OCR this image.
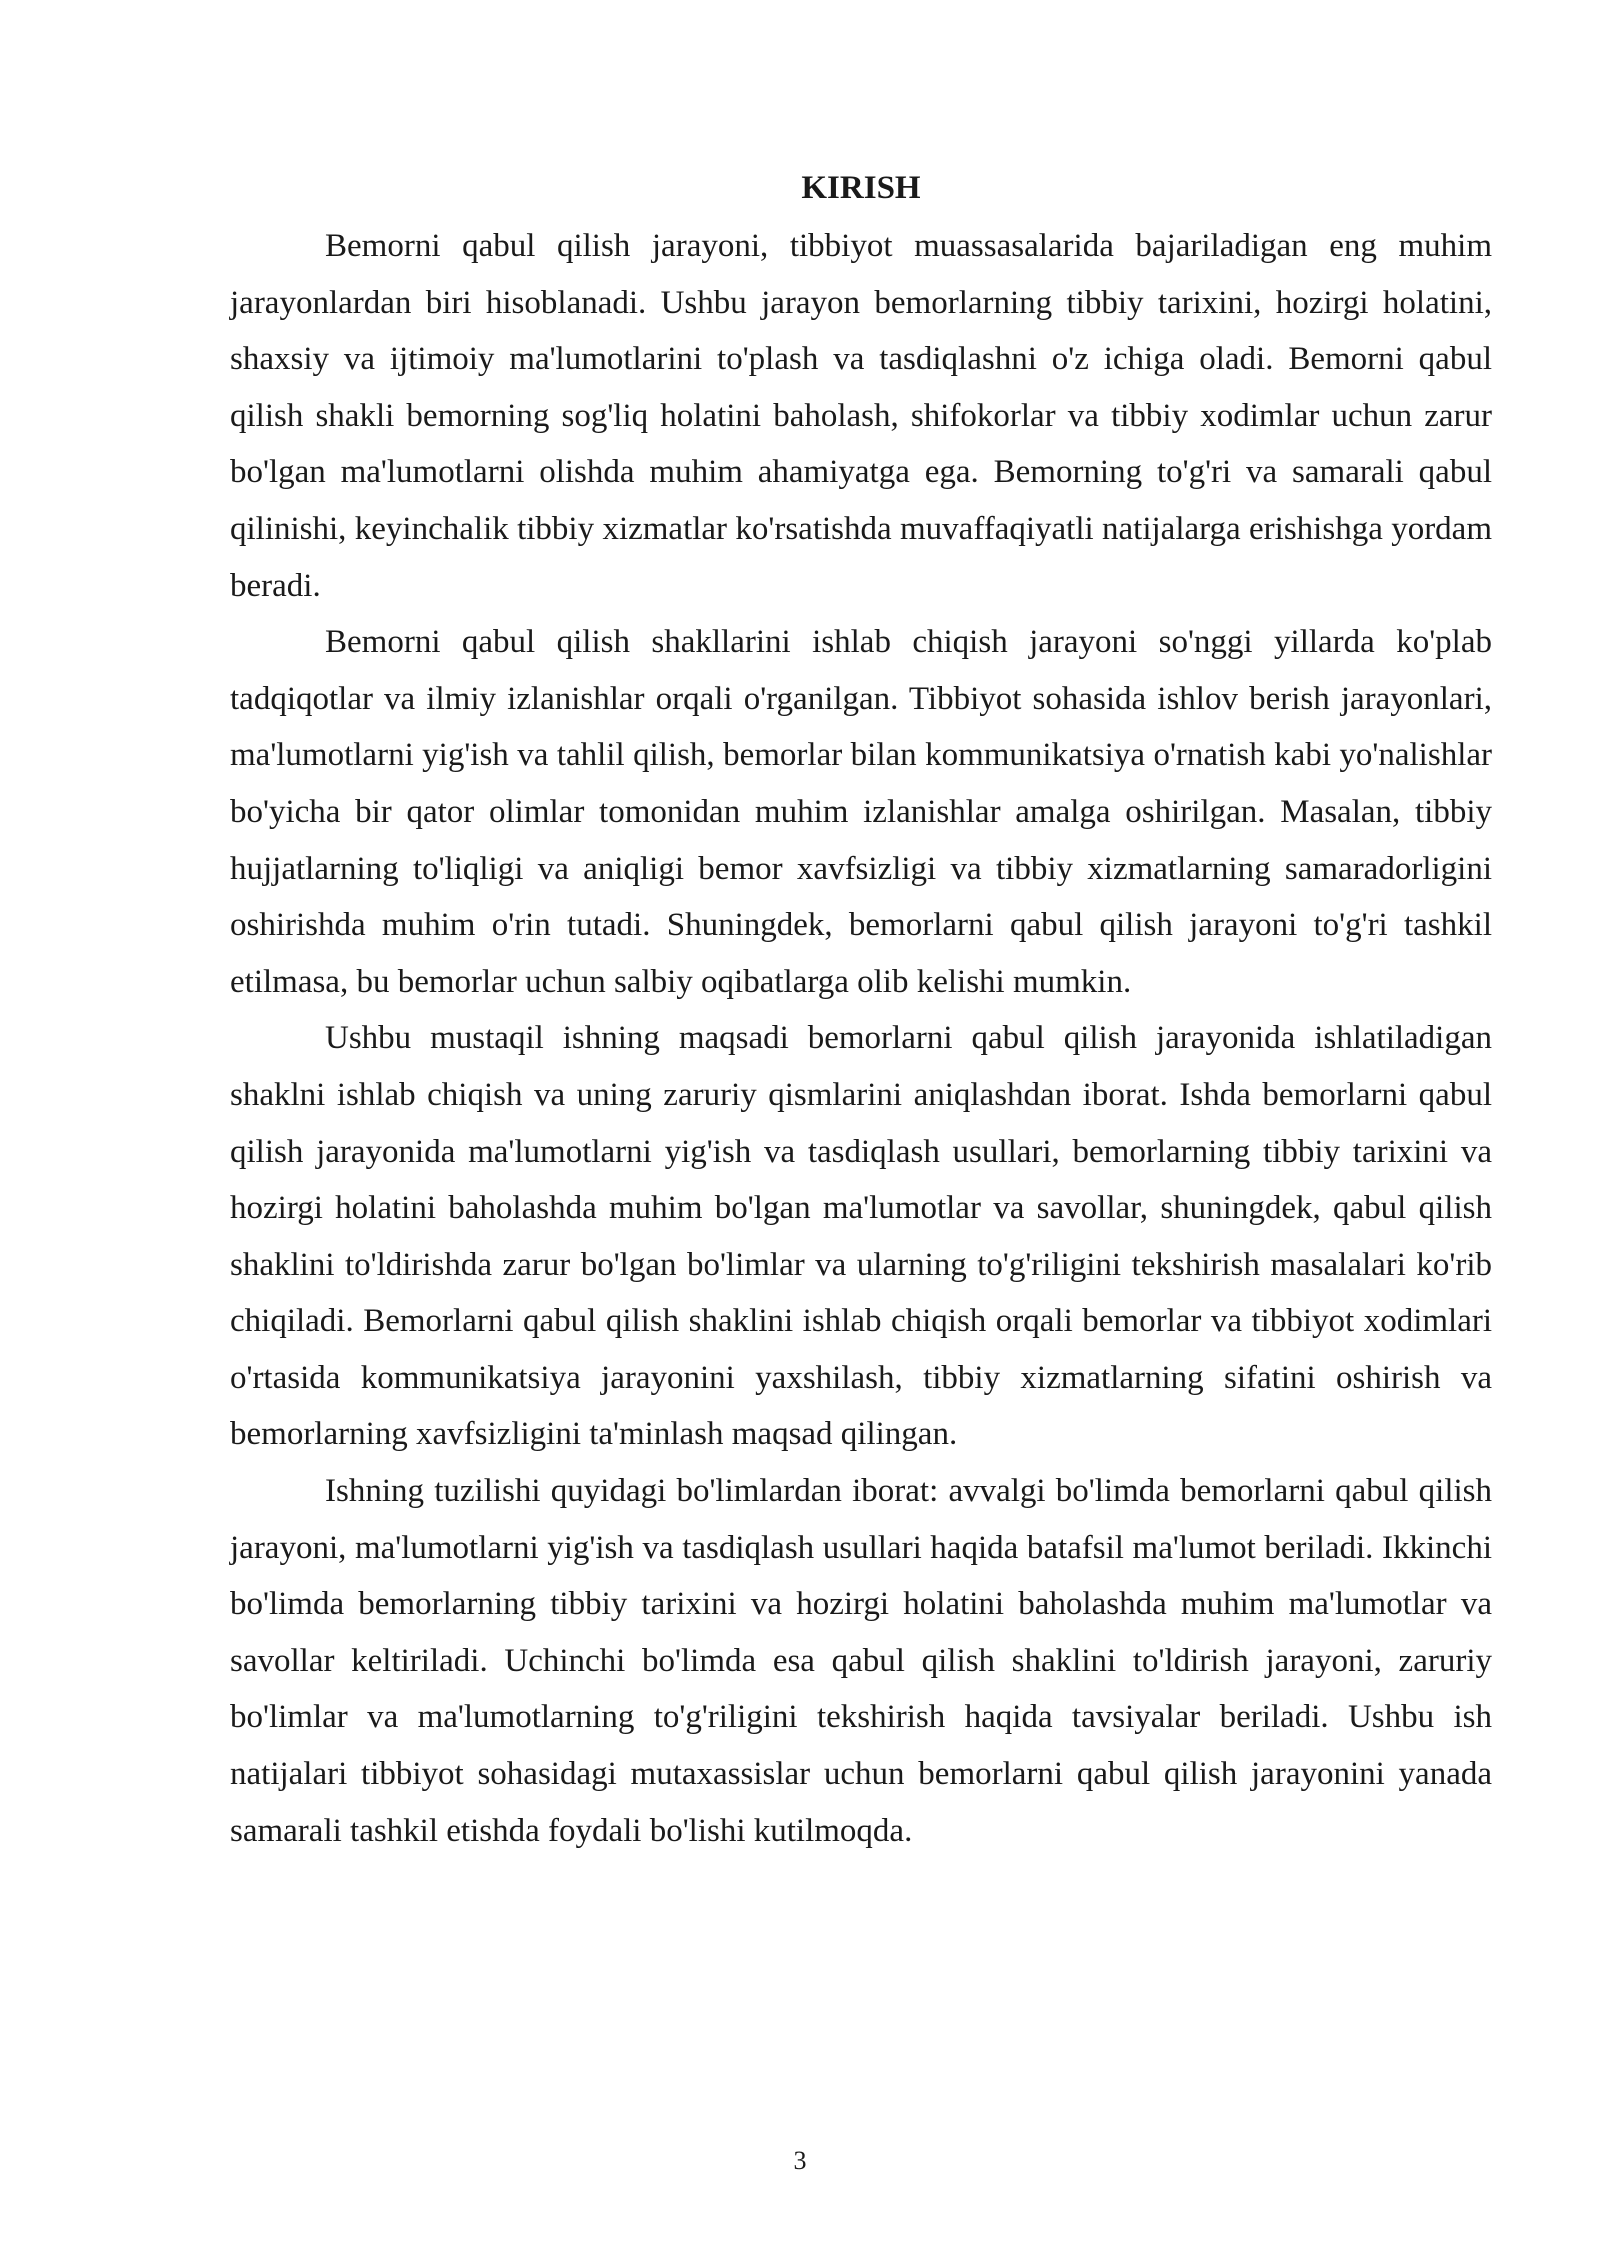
KIRISH

Bemorni qabul qilish jarayoni, tibbiyot muassasalarida bajariladigan eng muhim jarayonlardan biri hisoblanadi. Ushbu jarayon bemorlarning tibbiy tarixini, hozirgi holatini, shaxsiy va ijtimoiy ma'lumotlarini to'plash va tasdiqlashni o'z ichiga oladi. Bemorni qabul qilish shakli bemorning sog'liq holatini baholash, shifokorlar va tibbiy xodimlar uchun zarur bo'lgan ma'lumotlarni olishda muhim ahamiyatga ega. Bemorning to'g'ri va samarali qabul qilinishi, keyinchalik tibbiy xizmatlar ko'rsatishda muvaffaqiyatli natijalarga erishishga yordam beradi.

Bemorni qabul qilish shakllarini ishlab chiqish jarayoni so'nggi yillarda ko'plab tadqiqotlar va ilmiy izlanishlar orqali o'rganilgan. Tibbiyot sohasida ishlov berish jarayonlari, ma'lumotlarni yig'ish va tahlil qilish, bemorlar bilan kommunikatsiya o'rnatish kabi yo'nalishlar bo'yicha bir qator olimlar tomonidan muhim izlanishlar amalga oshirilgan. Masalan, tibbiy hujjatlarning to'liqligi va aniqligi bemor xavfsizligi va tibbiy xizmatlarning samaradorligini oshirishda muhim o'rin tutadi. Shuningdek, bemorlarni qabul qilish jarayoni to'g'ri tashkil etilmasa, bu bemorlar uchun salbiy oqibatlarga olib kelishi mumkin.

Ushbu mustaqil ishning maqsadi bemorlarni qabul qilish jarayonida ishlatiladigan shaklni ishlab chiqish va uning zaruriy qismlarini aniqlashdan iborat. Ishda bemorlarni qabul qilish jarayonida ma'lumotlarni yig'ish va tasdiqlash usullari, bemorlarning tibbiy tarixini va hozirgi holatini baholashda muhim bo'lgan ma'lumotlar va savollar, shuningdek, qabul qilish shaklini to'ldirishda zarur bo'lgan bo'limlar va ularning to'g'riligini tekshirish masalalari ko'rib chiqiladi. Bemorlarni qabul qilish shaklini ishlab chiqish orqali bemorlar va tibbiyot xodimlari o'rtasida kommunikatsiya jarayonini yaxshilash, tibbiy xizmatlarning sifatini oshirish va bemorlarning xavfsizligini ta'minlash maqsad qilingan.

Ishning tuzilishi quyidagi bo'limlardan iborat: avvalgi bo'limda bemorlarni qabul qilish jarayoni, ma'lumotlarni yig'ish va tasdiqlash usullari haqida batafsil ma'lumot beriladi. Ikkinchi bo'limda bemorlarning tibbiy tarixini va hozirgi holatini baholashda muhim ma'lumotlar va savollar keltiriladi. Uchinchi bo'limda esa qabul qilish shaklini to'ldirish jarayoni, zaruriy bo'limlar va ma'lumotlarning to'g'riligini tekshirish haqida tavsiyalar beriladi. Ushbu ish natijalari tibbiyot sohasidagi mutaxassislar uchun bemorlarni qabul qilish jarayonini yanada samarali tashkil etishda foydali bo'lishi kutilmoqda.

3
